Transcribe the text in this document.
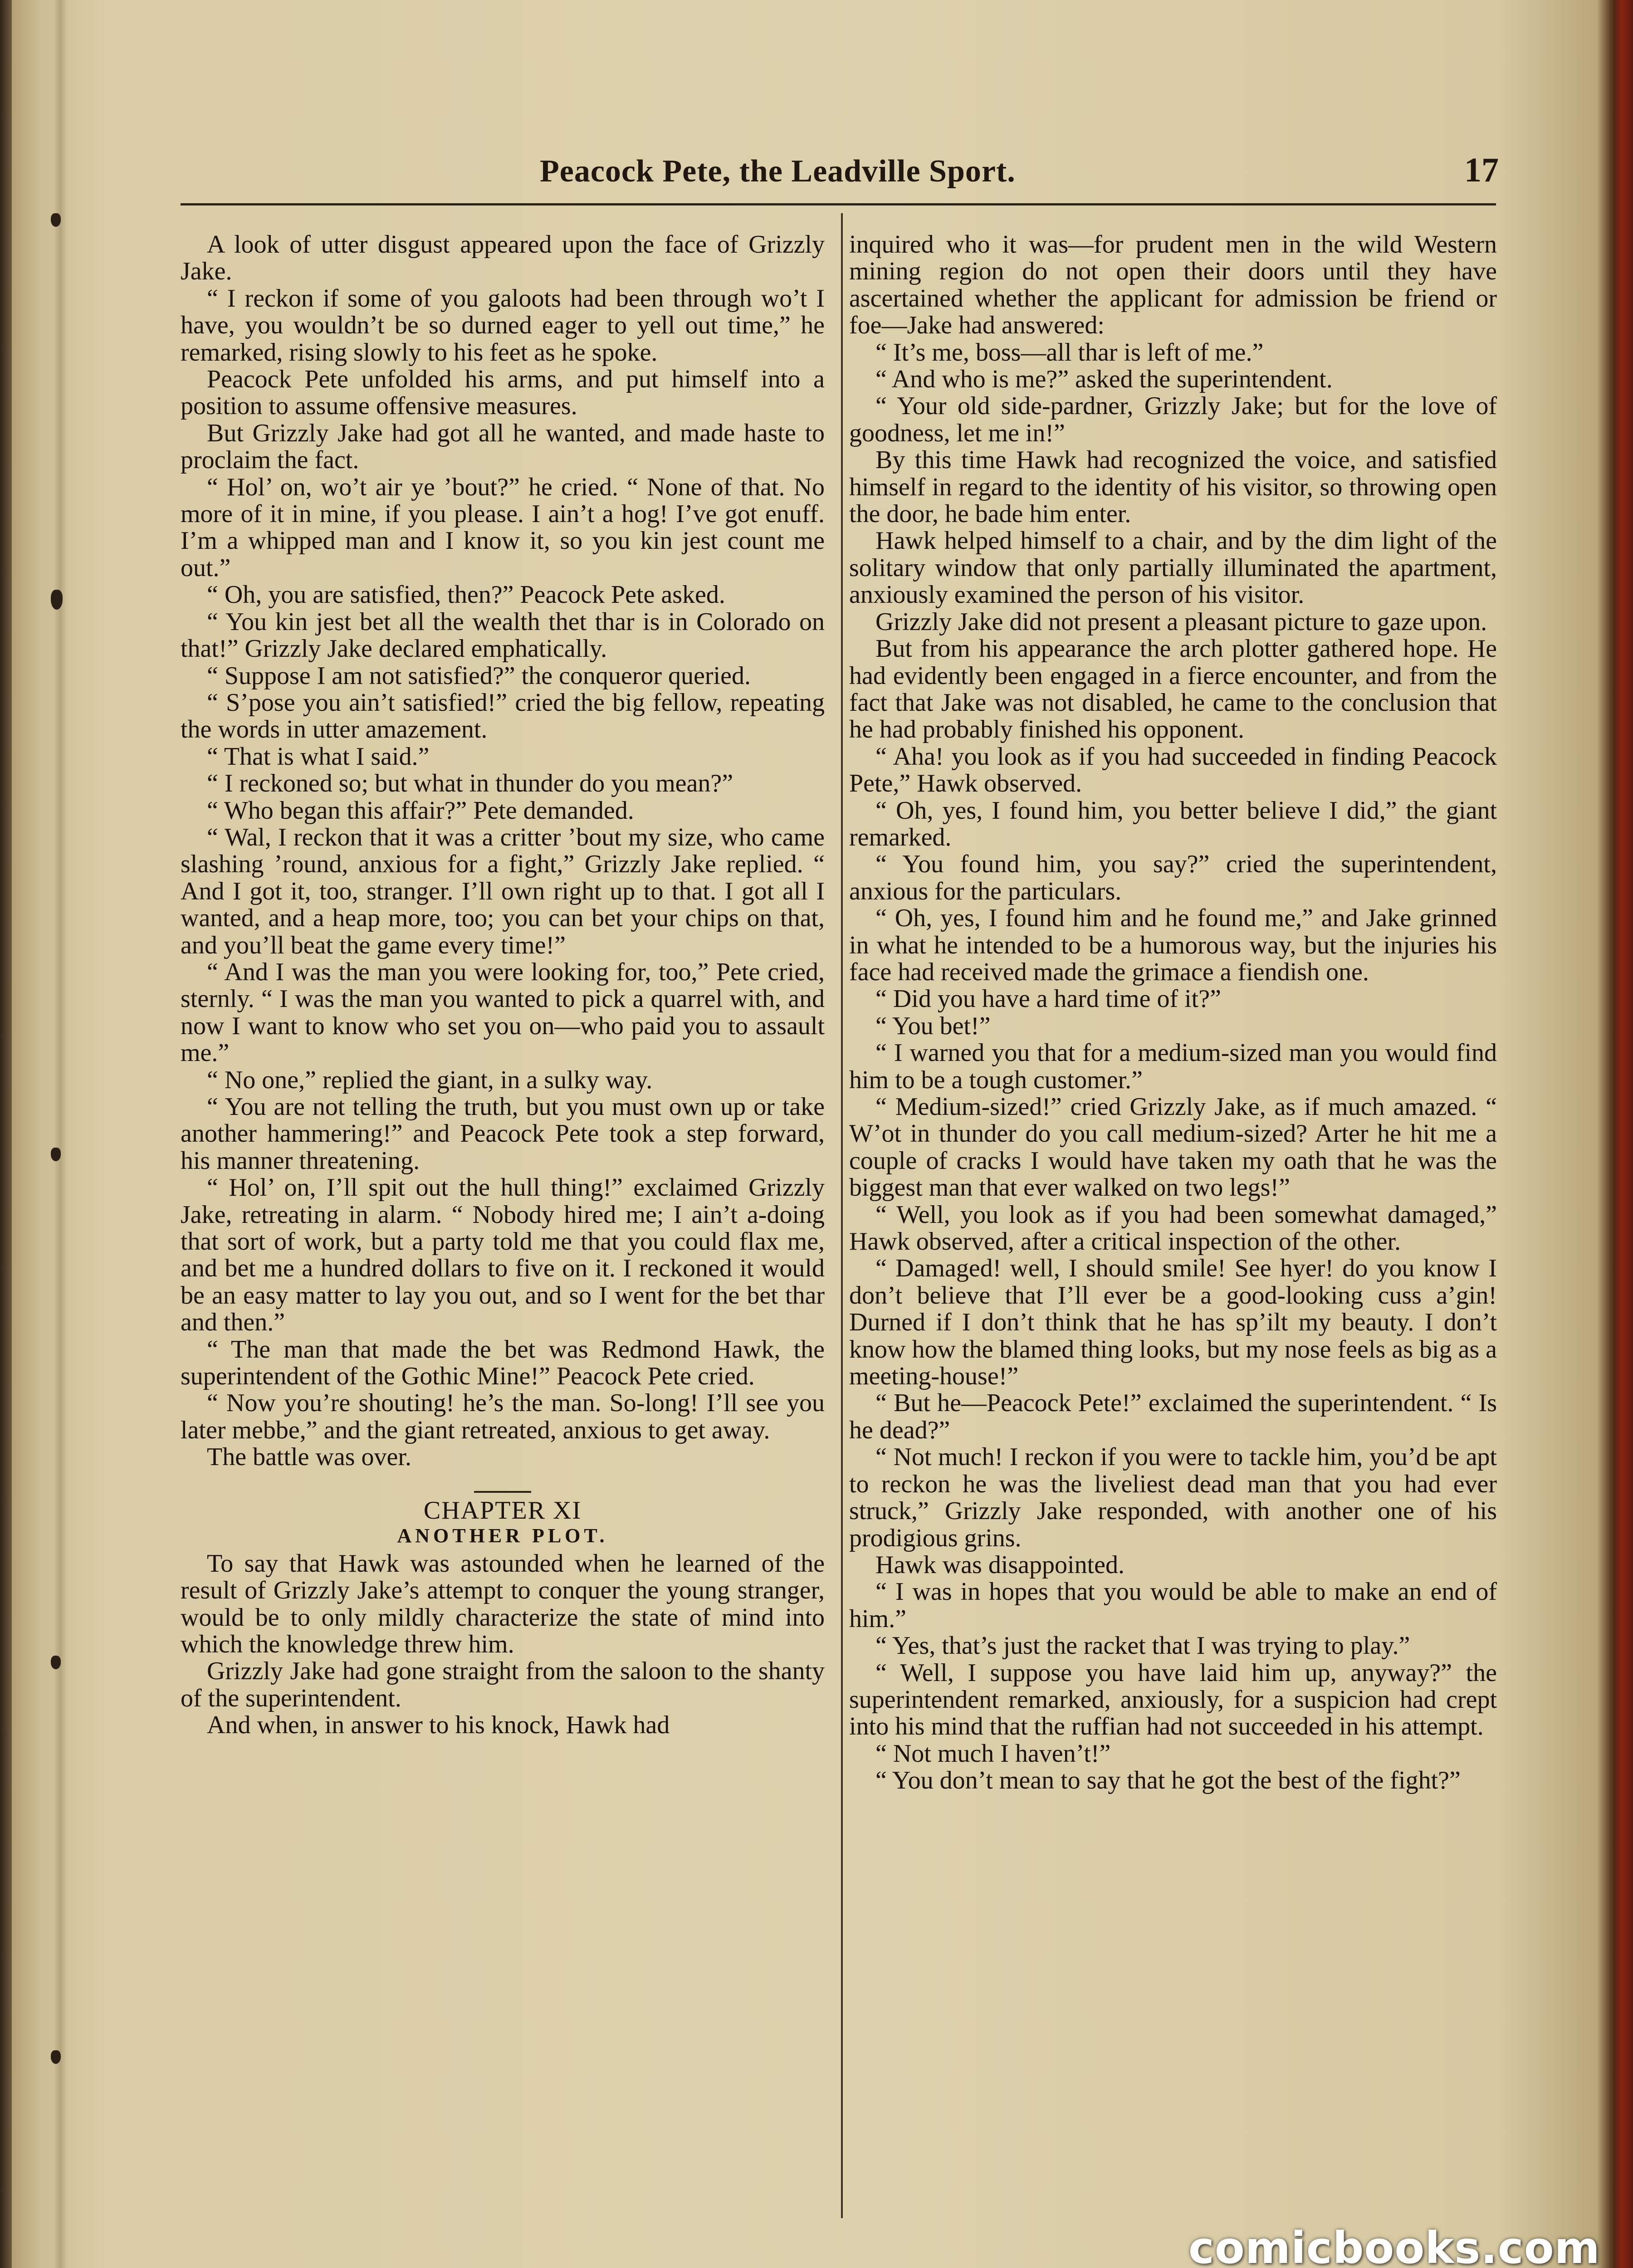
Peacock Pete, the Leadville Sport.	17

A look of utter disgust appeared upon the face of Grizzly Jake.

“ I reckon if some of you galoots had been through wo’t I have, you wouldn’t be so durned eager to yell out time,” he remarked, rising slowly to his feet as he spoke.

Peacock Pete unfolded his arms, and put himself into a position to assume offensive measures.

But Grizzly Jake had got all he wanted, and made haste to proclaim the fact.

“ Hol’ on, wo’t air ye ’bout?” he cried. “ None of that. No more of it in mine, if you please. I ain’t a hog! I’ve got enuff. I’m a whipped man and I know it, so you kin jest count me out.”

“ Oh, you are satisfied, then?” Peacock Pete asked.

“ You kin jest bet all the wealth thet thar is in Colorado on that!” Grizzly Jake declared emphatically.

“ Suppose I am not satisfied?” the conqueror queried.

“ S’pose you ain’t satisfied!” cried the big fellow, repeating the words in utter amazement.

“ That is what I said.”

“ I reckoned so; but what in thunder do you mean?”

“ Who began this affair?” Pete demanded.

“ Wal, I reckon that it was a critter ’bout my size, who came slashing ’round, anxious for a fight,” Grizzly Jake replied. “ And I got it, too, stranger. I’ll own right up to that. I got all I wanted, and a heap more, too; you can bet your chips on that, and you’ll beat the game every time!”

“ And I was the man you were looking for, too,” Pete cried, sternly. “ I was the man you wanted to pick a quarrel with, and now I want to know who set you on—who paid you to assault me.”

“ No one,” replied the giant, in a sulky way.

“ You are not telling the truth, but you must own up or take another hammering!” and Peacock Pete took a step forward, his manner threatening.

“ Hol’ on, I’ll spit out the hull thing!” exclaimed Grizzly Jake, retreating in alarm. “ Nobody hired me; I ain’t a-doing that sort of work, but a party told me that you could flax me, and bet me a hundred dollars to five on it. I reckoned it would be an easy matter to lay you out, and so I went for the bet thar and then.”

“ The man that made the bet was Redmond Hawk, the superintendent of the Gothic Mine!” Peacock Pete cried.

“ Now you’re shouting! he’s the man. So-long! I’ll see you later mebbe,” and the giant retreated, anxious to get away.

The battle was over.

CHAPTER XI
ANOTHER PLOT.

To say that Hawk was astounded when he learned of the result of Grizzly Jake’s attempt to conquer the young stranger, would be to only mildly characterize the state of mind into which the knowledge threw him.

Grizzly Jake had gone straight from the saloon to the shanty of the superintendent.

And when, in answer to his knock, Hawk had

inquired who it was—for prudent men in the wild Western mining region do not open their doors until they have ascertained whether the applicant for admission be friend or foe—Jake had answered:

“ It’s me, boss—all thar is left of me.”

“ And who is me?” asked the superintendent.

“ Your old side-pardner, Grizzly Jake; but for the love of goodness, let me in!”

By this time Hawk had recognized the voice, and satisfied himself in regard to the identity of his visitor, so throwing open the door, he bade him enter.

Hawk helped himself to a chair, and by the dim light of the solitary window that only partially illuminated the apartment, anxiously examined the person of his visitor.

Grizzly Jake did not present a pleasant picture to gaze upon.

But from his appearance the arch plotter gathered hope. He had evidently been engaged in a fierce encounter, and from the fact that Jake was not disabled, he came to the conclusion that he had probably finished his opponent.

“ Aha! you look as if you had succeeded in finding Peacock Pete,” Hawk observed.

“ Oh, yes, I found him, you better believe I did,” the giant remarked.

“ You found him, you say?” cried the superintendent, anxious for the particulars.

“ Oh, yes, I found him and he found me,” and Jake grinned in what he intended to be a humorous way, but the injuries his face had received made the grimace a fiendish one.

“ Did you have a hard time of it?”

“ You bet!”

“ I warned you that for a medium-sized man you would find him to be a tough customer.”

“ Medium-sized!” cried Grizzly Jake, as if much amazed. “ W’ot in thunder do you call medium-sized? Arter he hit me a couple of cracks I would have taken my oath that he was the biggest man that ever walked on two legs!”

“ Well, you look as if you had been somewhat damaged,” Hawk observed, after a critical inspection of the other.

“ Damaged! well, I should smile! See hyer! do you know I don’t believe that I’ll ever be a good-looking cuss a’gin! Durned if I don’t think that he has sp’ilt my beauty. I don’t know how the blamed thing looks, but my nose feels as big as a meeting-house!”

“ But he—Peacock Pete!” exclaimed the superintendent. “ Is he dead?”

“ Not much! I reckon if you were to tackle him, you’d be apt to reckon he was the liveliest dead man that you had ever struck,” Grizzly Jake responded, with another one of his prodigious grins.

Hawk was disappointed.

“ I was in hopes that you would be able to make an end of him.”

“ Yes, that’s just the racket that I was trying to play.”

“ Well, I suppose you have laid him up, anyway?” the superintendent remarked, anxiously, for a suspicion had crept into his mind that the ruffian had not succeeded in his attempt.

“ Not much I haven’t!”

“ You don’t mean to say that he got the best of the fight?”

comicbooks.com
